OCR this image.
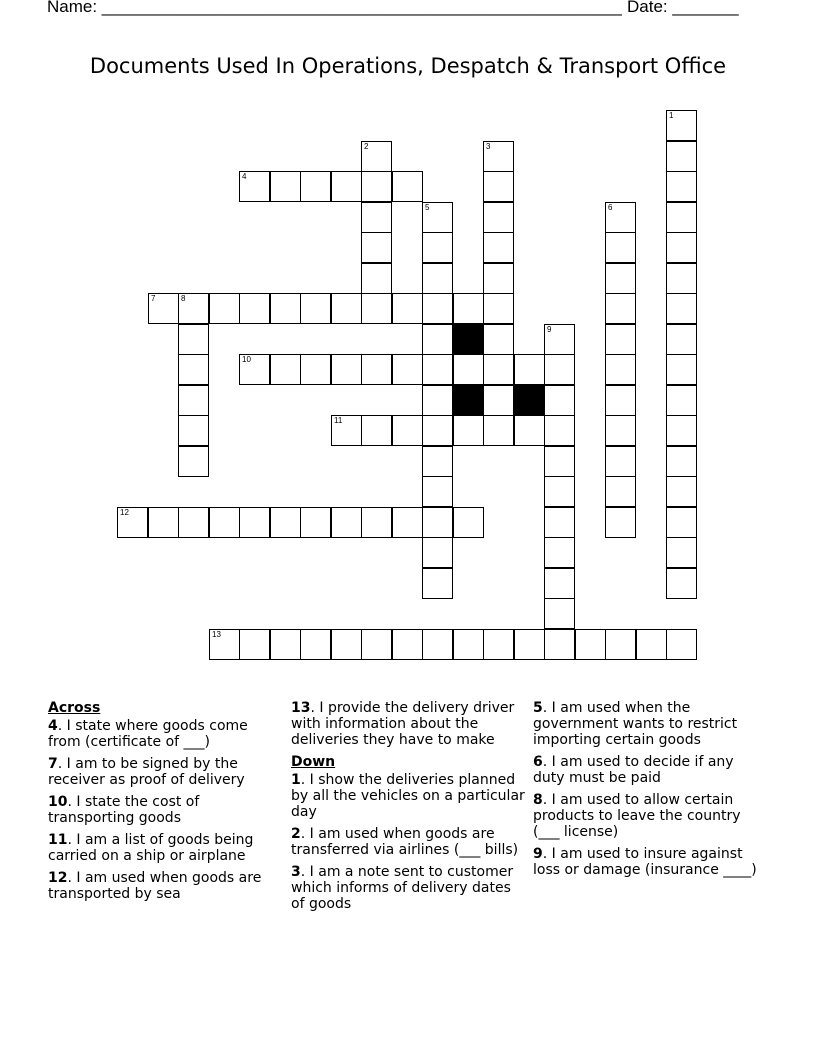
Name: _______________________________________________________ Date: _______
Documents Used In Operations, Despatch & Transport Office
1
2	3
4
5	6
7	8
9
10
11
12
13
Across
4. I state where goods come from (certificate of ___)
7. I am to be signed by the receiver as proof of delivery
10. I state the cost of transporting goods
11. I am a list of goods being carried on a ship or airplane
12. I am used when goods are transported by sea
13. I provide the delivery driver with information about the deliveries they have to make
Down
1. I show the deliveries planned by all the vehicles on a particular day
2. I am used when goods are transferred via airlines (___ bills)
3. I am a note sent to customer which informs of delivery dates of goods
5. I am used when the government wants to restrict importing certain goods
6. I am used to decide if any duty must be paid
8. I am used to allow certain products to leave the country (___ license)
9. I am used to insure against loss or damage (insurance ____)
